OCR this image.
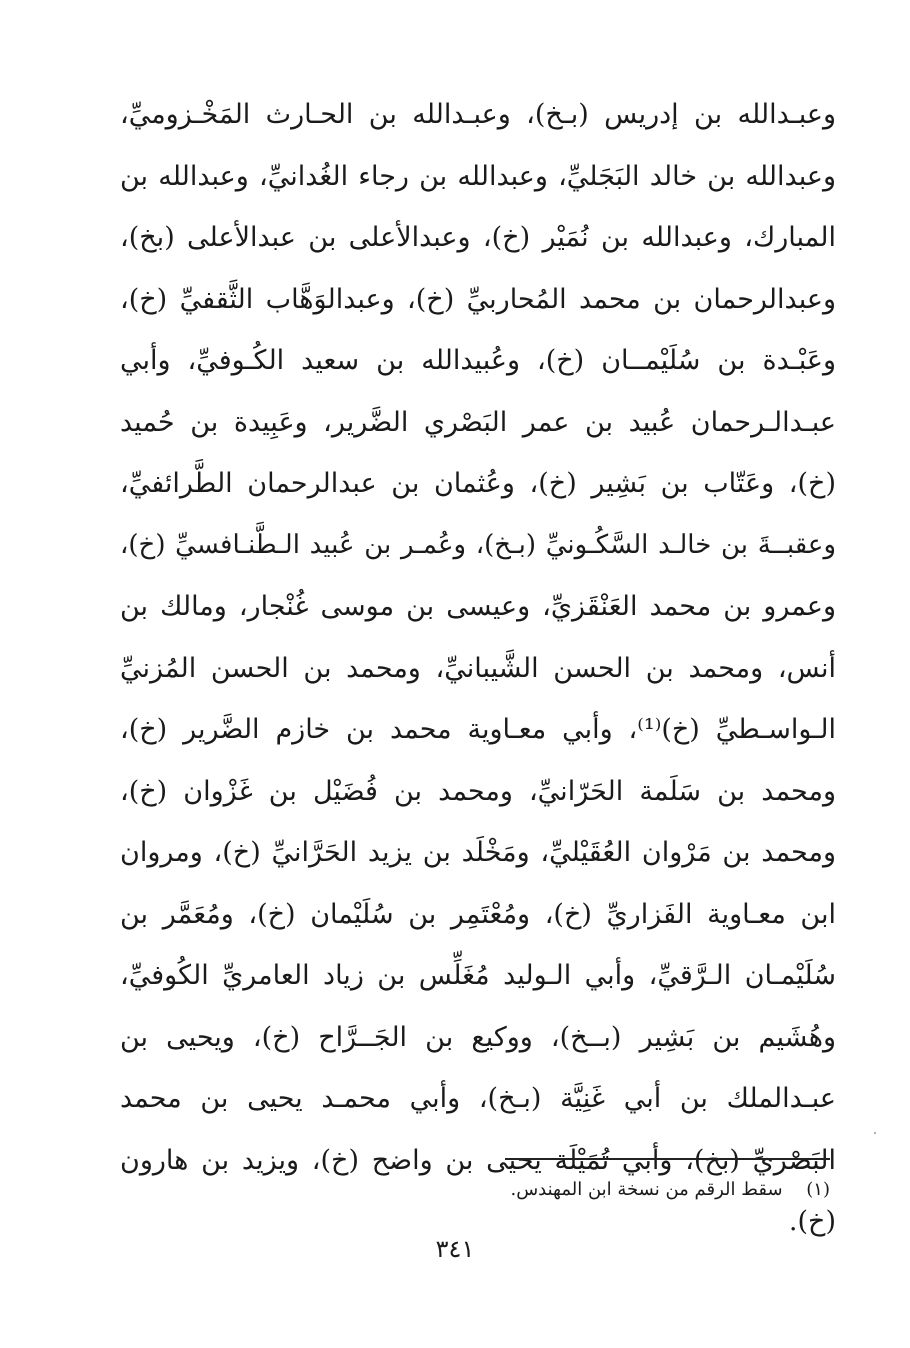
وعبـدالله بن إدريس (بـخ)، وعبـدالله بن الحـارث المَخْـزوميِّ،
وعبدالله بن خالد البَجَليِّ، وعبدالله بن رجاء الغُدانيِّ، وعبدالله بن
المبارك، وعبدالله بن نُمَيْر (خ)، وعبدالأعلى بن عبدالأعلى (بخ)،
وعبدالرحمان بن محمد المُحاربيِّ (خ)، وعبدالوَهَّاب الثَّقفيِّ (خ)،
وعَبْـدة بن سُلَيْمــان (خ)، وعُبيدالله بن سعيد الكُـوفيِّ، وأبي
عبـدالـرحمان عُبيد بن عمر البَصْري الضَّرير، وعَبِيدة بن حُميد
(خ)، وعَتّاب بن بَشِير (خ)، وعُثمان بن عبدالرحمان الطَّرائفيِّ،
وعقبــةَ بن خالـد السَّكُـونيِّ (بـخ)، وعُمـر بن عُبيد الـطَّنـافسيِّ (خ)،
وعمرو بن محمد العَنْقَزيِّ، وعيسى بن موسى غُنْجار، ومالك بن
أنس، ومحمد بن الحسن الشَّيبانيِّ، ومحمد بن الحسن المُزنيِّ
الـواسـطيِّ (خ)⁽¹⁾، وأبي معـاوية محمد بن خازم الضَّرير (خ)،
ومحمد بن سَلَمة الحَرّانيِّ، ومحمد بن فُضَيْل بن غَزْوان (خ)،
ومحمد بن مَرْوان العُقَيْليِّ، ومَخْلَد بن يزيد الحَرَّانيِّ (خ)، ومروان
ابن معـاوية الفَزاريِّ (خ)، ومُعْتَمِر بن سُلَيْمان (خ)، ومُعَمَّر بن
سُلَيْمـان الـرَّقيِّ، وأبي الـوليد مُغَلِّس بن زياد العامريِّ الكُوفيِّ،
وهُشَيم بن بَشِير (بــخ)، ووكيع بن الجَــرَّاح (خ)، ويحيى بن
عبـدالملك بن أبي غَنِيَّة (بـخ)، وأبي محمـد يحيى بن محمد
البَصْريِّ (بخ)، وأبي تُمَيْلَة يحيى بن واضح (خ)، ويزيد بن هارون
(خ).
(١) سقط الرقم من نسخة ابن المهندس.
٣٤١
